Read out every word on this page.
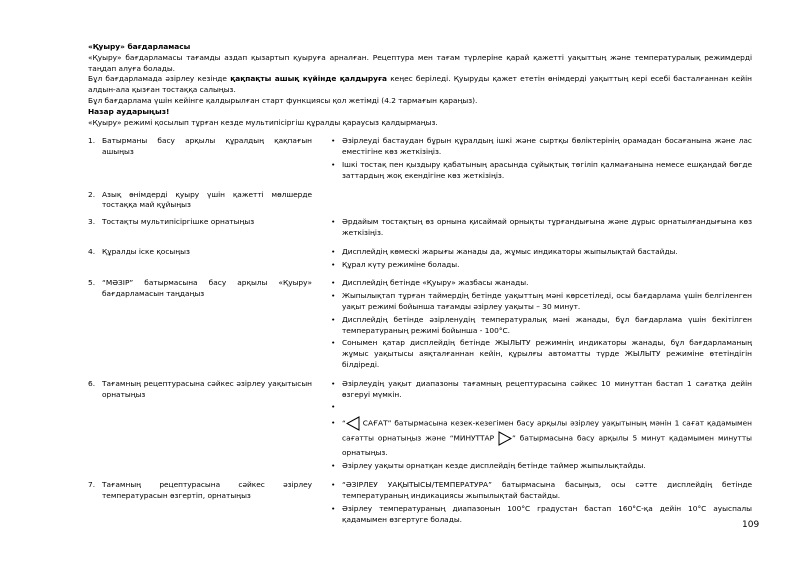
«Қуыру» бағдарламасы

«Қуыру» бағдарламасы тағамды аздап қызартып қуыруға арналған. Рецептура мен тағам түрлеріне қарай қажетті уақыттың және температуралық режимдерді таңдап алуға болады.

Бұл бағдарламада әзірлеу кезінде қақпақты ашық күйінде қалдыруға кеңес беріледі. Қуыруды қажет ететін өнімдерді уақыттың кері есебі басталғаннан кейін алдын-ала қызған тостаққа салыңыз.

Бұл бағдарлама үшін кейінге қалдырылған старт функциясы қол жетімді (4.2 тармағын қараңыз).

Назар аударыңыз!

«Қуыру» режимі қосылып тұрған кезде мультипісіргіш құралды қараусыз қалдырмаңыз.

1. Батырманы басу арқылы құралдың қақпағын ашыңыз
• Әзірлеуді бастаудан бұрын құралдың ішкі және сыртқы бөліктерінің орамадан босағанына және лас еместігіне көз жеткізіңіз.
• Ішкі тостақ пен қыздыру қабатының арасында сұйықтық төгіліп қалмағанына немесе ешқандай бөгде заттардың жоқ екендігіне көз жеткізіңіз.
2. Азық өнімдерді қуыру үшін қажетті мөлшерде тостаққа май құйыңыз
3. Тостақты мультипісіргішке орнатыңыз	• Әрдайым тостақтың өз орнына қисаймай орнықты тұрғандығына және дұрыс орнатылғандығына көз жеткізіңіз.
4. Құралды іске қосыңыз	• Дисплейдің көмескі жарығы жанады да, жұмыс индикаторы жыпылықтай бастайды.
• Құрал күту режиміне болады.
5. “МӘЗІР” батырмасына басу арқылы «Қуыру» бағдарламасын таңдаңыз
• Дисплейдің бетінде «Қуыру» жазбасы жанады.
• Жыпылықтап тұрған таймердің бетінде уақыттың мәні көрсетіледі, осы бағдарлама үшін белгіленген уақыт режимі бойынша тағамды әзірлеу уақыты – 30 минут.
• Дисплейдің бетінде әзірленудің температуралық мәні жанады, бұл бағдарлама үшін бекітілген температураның режимі бойынша - 100°С.
• Сонымен қатар дисплейдің бетінде ЖЫЛЫТУ режимнің индикаторы жанады, бұл бағдарламаның жұмыс уақытысы аяқталғаннан кейін, құрылғы автоматты түрде ЖЫЛЫТУ режиміне өтетіндігін білдіреді.
6. Тағамның рецептурасына сәйкес әзірлеу уақытысын орнатыңыз
• Әзірлеудің уақыт диапазоны тағамның рецептурасына сәйкес 10 минуттан бастап 1 сағатқа дейін өзгеруі мүмкін.
•
• “ САҒАТ” батырмасына кезек-кезегімен басу арқылы әзірлеу уақытының мәнін 1 сағат қадамымен сағатты орнатыңыз және “МИНУТТАР ” батырмасына басу арқылы 5 минут қадамымен минутты орнатыңыз.
• Әзірлеу уақыты орнатқан кезде дисплейдің бетінде таймер жыпылықтайды.
7. Тағамның рецептурасына сәйкес әзірлеу температурасын өзгертіп, орнатыңыз
• “ӘЗІРЛЕУ УАҚЫТЫСЫ/ТЕМПЕРАТУРА” батырмасына басыңыз, осы сәтте дисплейдің бетінде температураның индикациясы жыпылықтай бастайды.
• Әзірлеу температураның диапазонын 100°С градустан бастап 160°С-қа дейін 10°С ауыспалы қадамымен өзгертуге болады.
109
